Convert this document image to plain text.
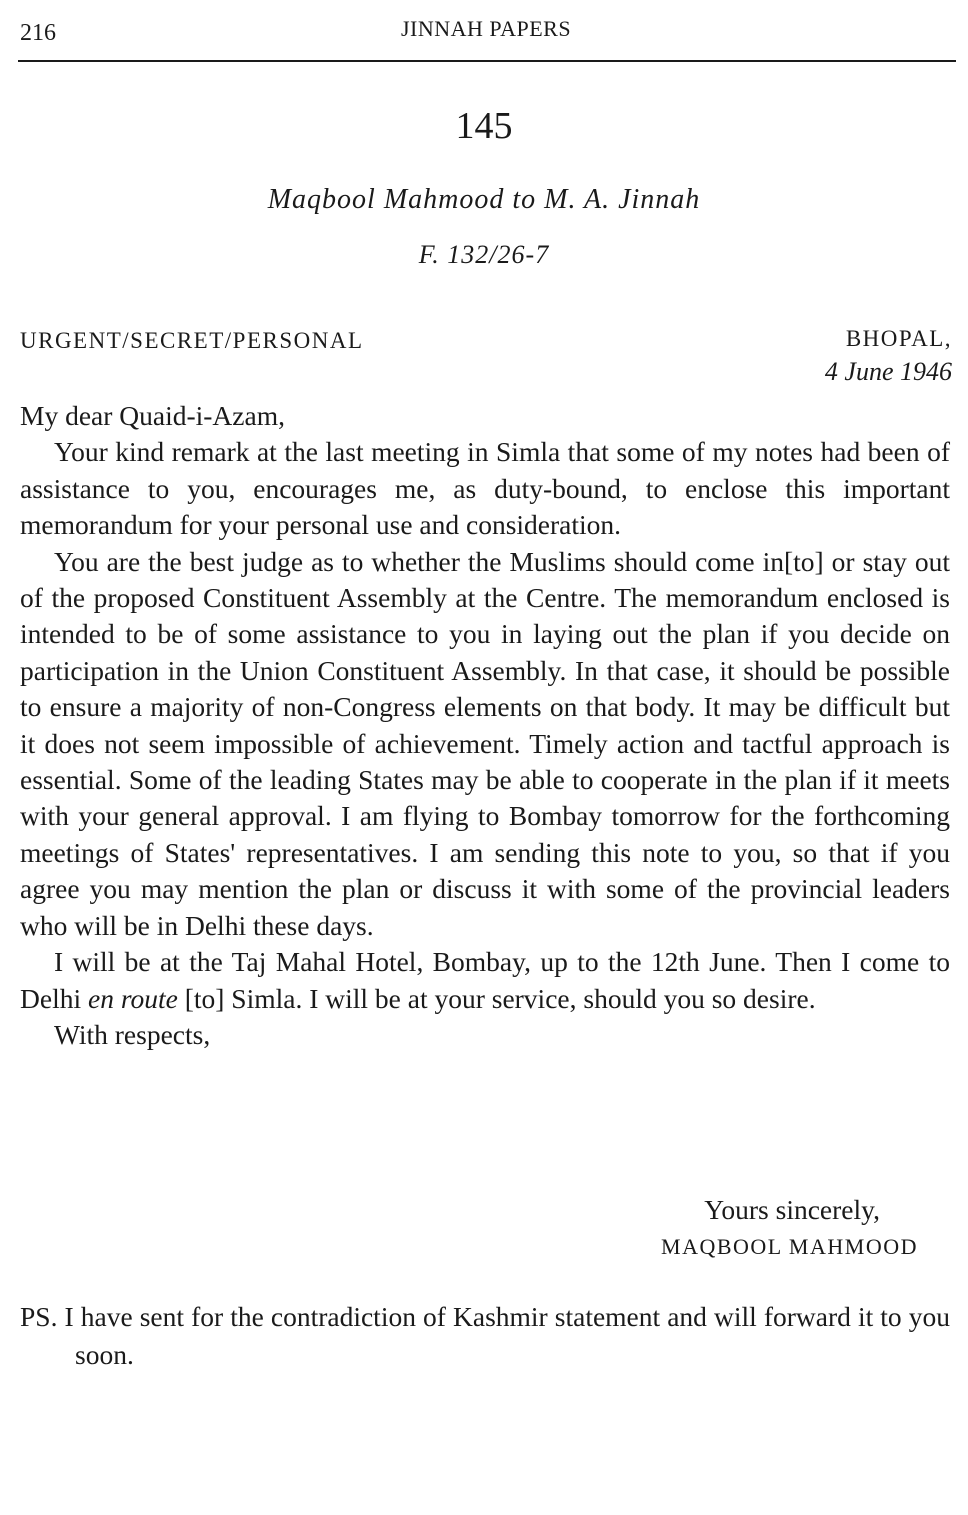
216	JINNAH PAPERS
145
Maqbool Mahmood to M. A. Jinnah
F. 132/26-7
URGENT/SECRET/PERSONAL	BHOPAL,
4 June 1946

My dear Quaid-i-Azam,

Your kind remark at the last meeting in Simla that some of my notes had been of assistance to you, encourages me, as duty-bound, to enclose this important memorandum for your personal use and consideration.

You are the best judge as to whether the Muslims should come in[to] or stay out of the proposed Constituent Assembly at the Centre. The memorandum enclosed is intended to be of some assistance to you in laying out the plan if you decide on participation in the Union Constituent Assembly. In that case, it should be possible to ensure a majority of non-Congress elements on that body. It may be difficult but it does not seem impossible of achievement. Timely action and tactful approach is essential. Some of the leading States may be able to cooperate in the plan if it meets with your general approval. I am flying to Bombay tomorrow for the forthcoming meetings of States' representatives. I am sending this note to you, so that if you agree you may mention the plan or discuss it with some of the provincial leaders who will be in Delhi these days.

I will be at the Taj Mahal Hotel, Bombay, up to the 12th June. Then I come to Delhi en route [to] Simla. I will be at your service, should you so desire.

With respects,

Yours sincerely,
MAQBOOL MAHMOOD
PS. I have sent for the contradiction of Kashmir statement and will forward it to you soon.
